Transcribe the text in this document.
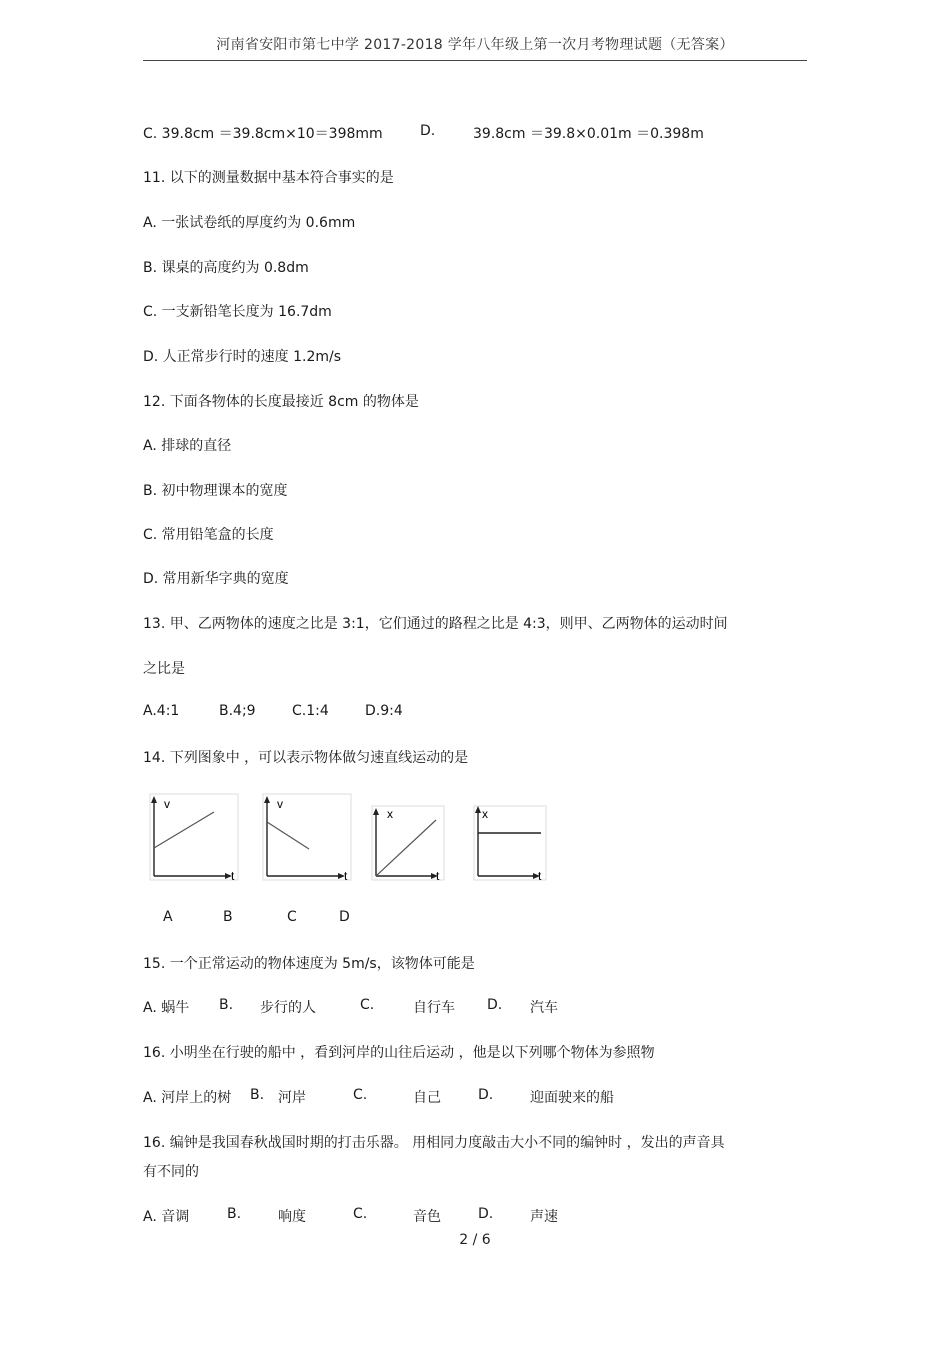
河南省安阳市第七中学 2017-2018 学年八年级上第一次月考物理试题（无答案）
C. 39.8cm ＝39.8cm×10＝398mm	D.	39.8cm ＝39.8×0.01m ＝0.398m
11. 以下的测量数据中基本符合事实的是
A. 一张试卷纸的厚度约为 0.6mm
B. 课桌的高度约为 0.8dm
C. 一支新铅笔长度为 16.7dm
D. 人正常步行时的速度 1.2m/s
12. 下面各物体的长度最接近 8cm 的物体是
A. 排球的直径
B. 初中物理课本的宽度
C. 常用铅笔盒的长度
D. 常用新华字典的宽度
13. 甲、乙两物体的速度之比是 3:1，它们通过的路程之比是 4:3，则甲、乙两物体的运动时间
之比是
A.4:1	B.4;9	C.1:4	D.9:4
14. 下列图象中 ，可以表示物体做匀速直线运动的是
v
t
v
t
x
t
x
t
A	B	C	D
15. 一个正常运动的物体速度为 5m/s，该物体可能是
A. 蜗牛 B. 步行的人	C.	自行车 D. 汽车
16. 小明坐在行驶的船中 ，看到河岸的山往后运动 ，他是以下列哪个物体为参照物
A. 河岸上的树 B. 河岸	C.	自己	D.	迎面驶来的船
16. 编钟是我国春秋战国时期的打击乐器。 用相同力度敲击大小不同的编钟时 ，发出的声音具
有不同的
A. 音调	B.	响度	C.	音色	D.	声速
2 / 6
